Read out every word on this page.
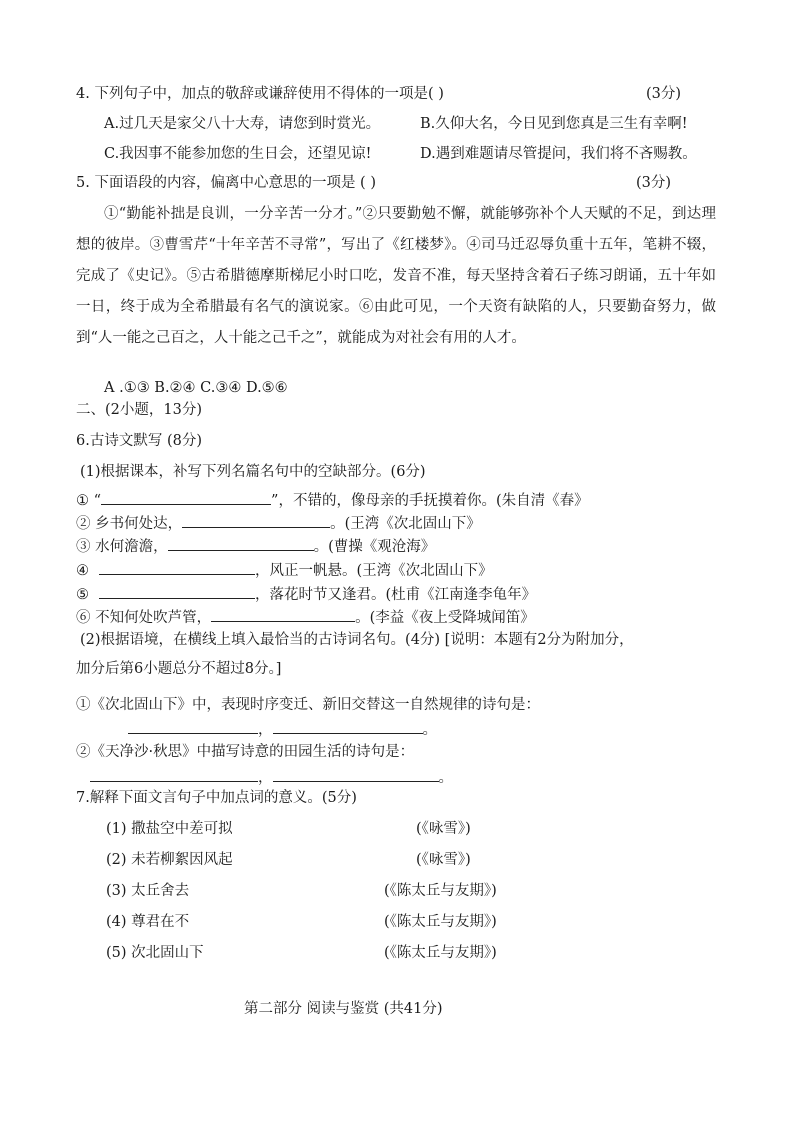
4. 下列句子中，加点的敬辞或谦辞使用不得体的一项是( )	(3分)
A.过几天是家父八十大寿，请您到时赏光。	B.久仰大名，今日见到您真是三生有幸啊!
C.我因事不能参加您的生日会，还望见谅!	D.遇到难题请尽管提问，我们将不吝赐教。
5. 下面语段的内容，偏离中心意思的一项是 ( )	(3分)
①“勤能补拙是良训，一分辛苦一分才。”②只要勤勉不懈，就能够弥补个人天赋的不足，到达理想的彼岸。③曹雪芹“十年辛苦不寻常”，写出了《红楼梦》。④司马迁忍辱负重十五年，笔耕不辍，完成了《史记》。⑤古希腊德摩斯梯尼小时口吃，发音不准，每天坚持含着石子练习朗诵，五十年如一日，终于成为全希腊最有名气的演说家。⑥由此可见，一个天资有缺陷的人，只要勤奋努力，做到“人一能之己百之，人十能之己千之”，就能成为对社会有用的人才。
A .①③ B.②④ C.③④ D.⑤⑥
二、(2小题，13分)
6.古诗文默写 (8分)
(1)根据课本，补写下列名篇名句中的空缺部分。(6分)
① “	”，不错的，像母亲的手抚摸着你。(朱自清《春》
② 乡书何处达，	。(王湾《次北固山下》
③ 水何澹澹，	。(曹操《观沧海》
④	，风正一帆悬。(王湾《次北固山下》
⑤	，落花时节又逢君。(杜甫《江南逢李龟年》
⑥ 不知何处吹芦管，	。(李益《夜上受降城闻笛》
(2)根据语境，在横线上填入最恰当的古诗词名句。(4分) [说明：本题有2分为附加分，
加分后第6小题总分不超过8分。]
①《次北固山下》中，表现时序变迁、新旧交替这一自然规律的诗句是：
，	。
②《天净沙·秋思》中描写诗意的田园生活的诗句是：
，	。
7.解释下面文言句子中加点词的意义。(5分)
(1) 撒盐空中差可拟	(《咏雪》)
(2) 未若柳絮因风起	(《咏雪》)
(3) 太丘舍去	(《陈太丘与友期》)
(4) 尊君在不	(《陈太丘与友期》)
(5) 次北固山下	(《陈太丘与友期》)
第二部分 阅读与鉴赏 (共41分)
